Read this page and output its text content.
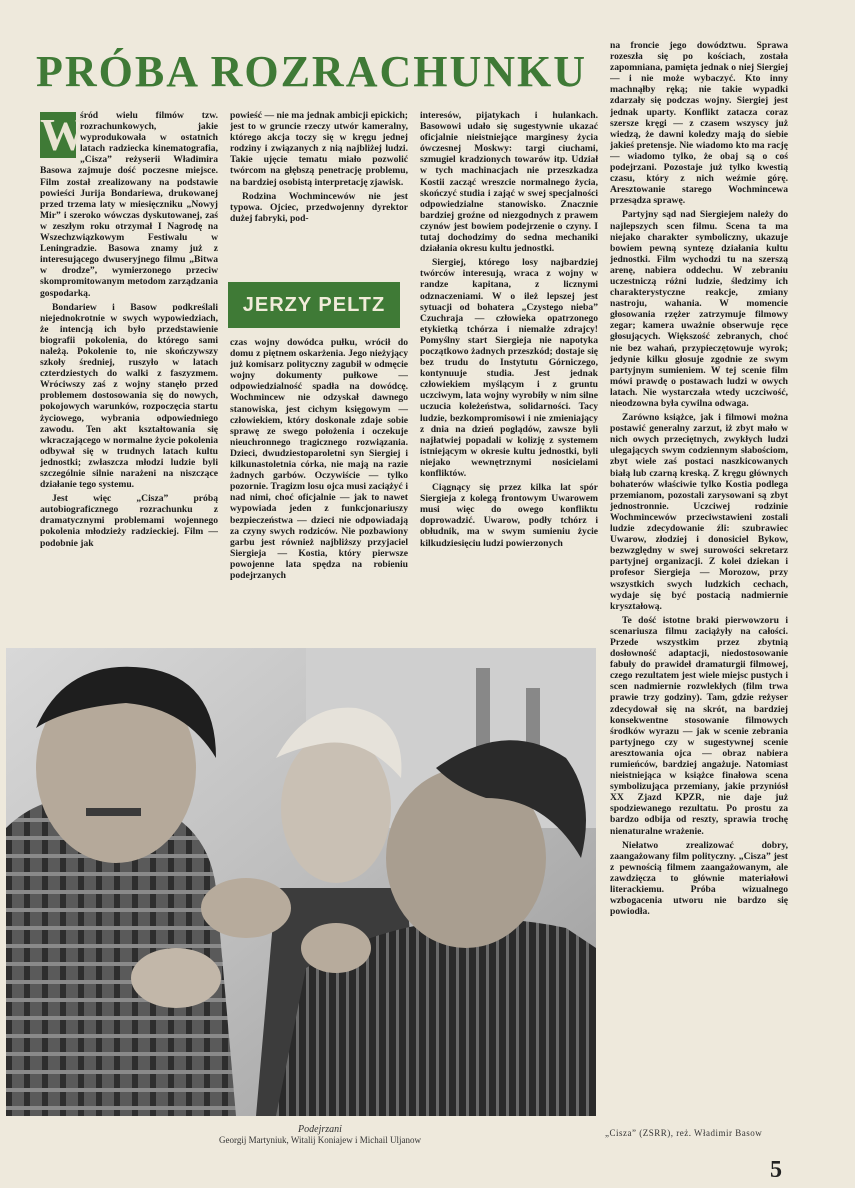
PRÓBA ROZRACHUNKU
W

śród wielu filmów tzw. rozrachunkowych, jakie wyprodukowała w ostatnich latach radziecka kinematografia, „Cisza” reżyserii Władimira Basowa zajmuje dość poczesne miejsce. Film został zrealizowany na podstawie powieści Jurija Bondariewa, drukowanej przed trzema laty w miesięczniku „Nowyj Mir” i szeroko wówczas dyskutowanej, zaś w zeszłym roku otrzymał I Nagrodę na Wszechzwiązkowym Festiwalu w Leningradzie. Basowa znamy już z interesującego dwuseryjnego filmu „Bitwa w drodze”, wymierzonego przeciw skompromitowanym metodom zarządzania gospodarką.

Bondariew i Basow podkreślali niejednokrotnie w swych wypowiedziach, że intencją ich było przedstawienie biografii pokolenia, do którego sami należą. Pokolenie to, nie skończywszy szkoły średniej, ruszyło w latach czterdziestych do walki z faszyzmem. Wróciwszy zaś z wojny stanęło przed problemem dostosowania się do nowych, pokojowych warunków, rozpoczęcia startu życiowego, wybrania odpowiedniego zawodu. Ten akt kształtowania się wkraczającego w normalne życie pokolenia odbywał się w trudnych latach kultu jednostki; zwłaszcza młodzi ludzie byli szczególnie silnie narażeni na niszczące działanie tego systemu.

Jest więc „Cisza” próbą autobiograficznego rozrachunku z dramatycznymi problemami wojennego pokolenia młodzieży radzieckiej. Film — podobnie jak

powieść — nie ma jednak ambicji epickich; jest to w gruncie rzeczy utwór kameralny, którego akcja toczy się w kręgu jednej rodziny i związanych z nią najbliżej ludzi. Takie ujęcie tematu miało pozwolić twórcom na głębszą penetrację problemu, na bardziej osobistą interpretację zjawisk.

Rodzina Wochmincewów nie jest typowa. Ojciec, przedwojenny dyrektor dużej fabryki, pod-

JERZY PELTZ

czas wojny dowódca pułku, wrócił do domu z piętnem oskarżenia. Jego nieżyjący już komisarz polityczny zagubił w odmęcie wojny dokumenty pułkowe — odpowiedzialność spadła na dowódcę. Wochmincew nie odzyskał dawnego stanowiska, jest cichym księgowym — człowiekiem, który doskonale zdaje sobie sprawę ze swego położenia i oczekuje nieuchronnego tragicznego rozwiązania. Dzieci, dwudziestoparoletni syn Siergiej i kilkunastoletnia córka, nie mają na razie żadnych garbów. Oczywiście — tylko pozornie. Tragizm losu ojca musi zaciążyć i nad nimi, choć oficjalnie — jak to nawet wypowiada jeden z funkcjonariuszy bezpieczeństwa — dzieci nie odpowiadają za czyny swych rodziców. Nie pozbawiony garbu jest również najbliższy przyjaciel Siergieja — Kostia, który pierwsze powojenne lata spędza na robieniu podejrzanych

interesów, pijatykach i hulankach. Basowowi udało się sugestywnie ukazać oficjalnie nieistniejące marginesy życia ówczesnej Moskwy: targi ciuchami, szmugiel kradzionych towarów itp. Udział w tych machinacjach nie przeszkadza Kostii zacząć wreszcie normalnego życia, skończyć studia i zająć w swej specjalności odpowiedzialne stanowisko. Znacznie bardziej groźne od niezgodnych z prawem czynów jest bowiem podejrzenie o czyny. I tutaj dochodzimy do sedna mechaniki działania okresu kultu jednostki.

Siergiej, którego losy najbardziej twórców interesują, wraca z wojny w randze kapitana, z licznymi odznaczeniami. W o ileż lepszej jest sytuacji od bohatera „Czystego nieba” Czuchraja — człowieka opatrzonego etykietką tchórza i niemalże zdrajcy! Pomyślny start Siergieja nie napotyka początkowo żadnych przeszkód; dostaje się bez trudu do Instytutu Górniczego, kontynuuje studia. Jest jednak człowiekiem myślącym i z gruntu uczciwym, lata wojny wyrobiły w nim silne uczucia koleżeństwa, solidarności. Tacy ludzie, bezkompromisowi i nie zmieniający z dnia na dzień poglądów, zawsze byli najłatwiej popadali w kolizję z systemem istniejącym w okresie kultu jednostki, byli niejako wewnętrznymi nosicielami konfliktów.

Ciągnący się przez kilka lat spór Siergieja z kolegą frontowym Uwarowem musi więc do owego konfliktu doprowadzić. Uwarow, podły tchórz i obłudnik, ma w swym sumieniu życie kilkudziesięciu ludzi powierzonych

na froncie jego dowództwu. Sprawa rozeszła się po kościach, została zapomniana, pamięta jednak o niej Siergiej — i nie może wybaczyć. Kto inny machnąłby ręką; nie takie wypadki zdarzały się podczas wojny. Siergiej jest jednak uparty. Konflikt zatacza coraz szersze kręgi — z czasem wszyscy już wiedzą, że dawni koledzy mają do siebie jakieś pretensje. Nie wiadomo kto ma rację — wiadomo tylko, że obaj są o coś podejrzani. Pozostaje już tylko kwestią czasu, który z nich weźmie górę. Aresztowanie starego Wochmincewa przesądza sprawę.

Partyjny sąd nad Siergiejem należy do najlepszych scen filmu. Scena ta ma niejako charakter symboliczny, ukazuje bowiem pewną syntezę działania kultu jednostki. Film wychodzi tu na szerszą arenę, nabiera oddechu. W zebraniu uczestniczą różni ludzie, śledzimy ich charakterystyczne reakcje, zmiany nastroju, wahania. W momencie głosowania rzężer zatrzymuje filmowy zegar; kamera uważnie obserwuje ręce głosujących. Większość zebranych, choć nie bez wahań, przypieczętowuje wyrok; jedynie kilku głosuje zgodnie ze swym partyjnym sumieniem. W tej scenie film mówi prawdę o postawach ludzi w owych latach. Nie wystarczała wtedy uczciwość, nieodzowna była cywilna odwaga.

Zarówno książce, jak i filmowi można postawić generalny zarzut, iż zbyt mało w nich owych przeciętnych, zwykłych ludzi ulegających swym codziennym słabościom, zbyt wiele zaś postaci naszkicowanych białą lub czarną kreską. Z kręgu głównych bohaterów właściwie tylko Kostia podlega przemianom, pozostali zarysowani są zbyt jednostronnie. Uczciwej rodzinie Wochmincewów przeciwstawieni zostali ludzie zdecydowanie źli: szubrawiec Uwarow, złodziej i donosiciel Bykow, bezwzględny w swej surowości sekretarz partyjnej organizacji. Z kolei dziekan i profesor Siergieja — Morozow, przy wszystkich swych ludzkich cechach, wydaje się być postacią nadmiernie kryształową.

Te dość istotne braki pierwowzoru i scenariusza filmu zaciążyły na całości. Przede wszystkim przez zbytnią dosłowność adaptacji, niedostosowanie fabuły do prawideł dramaturgii filmowej, czego rezultatem jest wiele miejsc pustych i scen nadmiernie rozwlekłych (film trwa prawie trzy godziny). Tam, gdzie reżyser zdecydował się na skrót, na bardziej konsekwentne stosowanie filmowych środków wyrazu — jak w scenie zebrania partyjnego czy w sugestywnej scenie aresztowania ojca — obraz nabiera rumieńców, bardziej angażuje. Natomiast nieistniejąca w książce finałowa scena symbolizująca przemiany, jakie przyniósł XX Zjazd KPZR, nie daje już spodziewanego rezultatu. Po prostu za bardzo odbija od reszty, sprawia trochę nienaturalne wrażenie.

Niełatwo zrealizować dobry, zaangażowany film polityczny. „Cisza” jest z pewnością filmem zaangażowanym, ale zawdzięcza to głównie materiałowi literackiemu. Próba wizualnego wzbogacenia utworu nie bardzo się powiodła.

Podejrzani
Georgij Martyniuk, Witalij Koniajew i Michail Uljanow
„Cisza” (ZSRR), reż. Władimir Basow
5
